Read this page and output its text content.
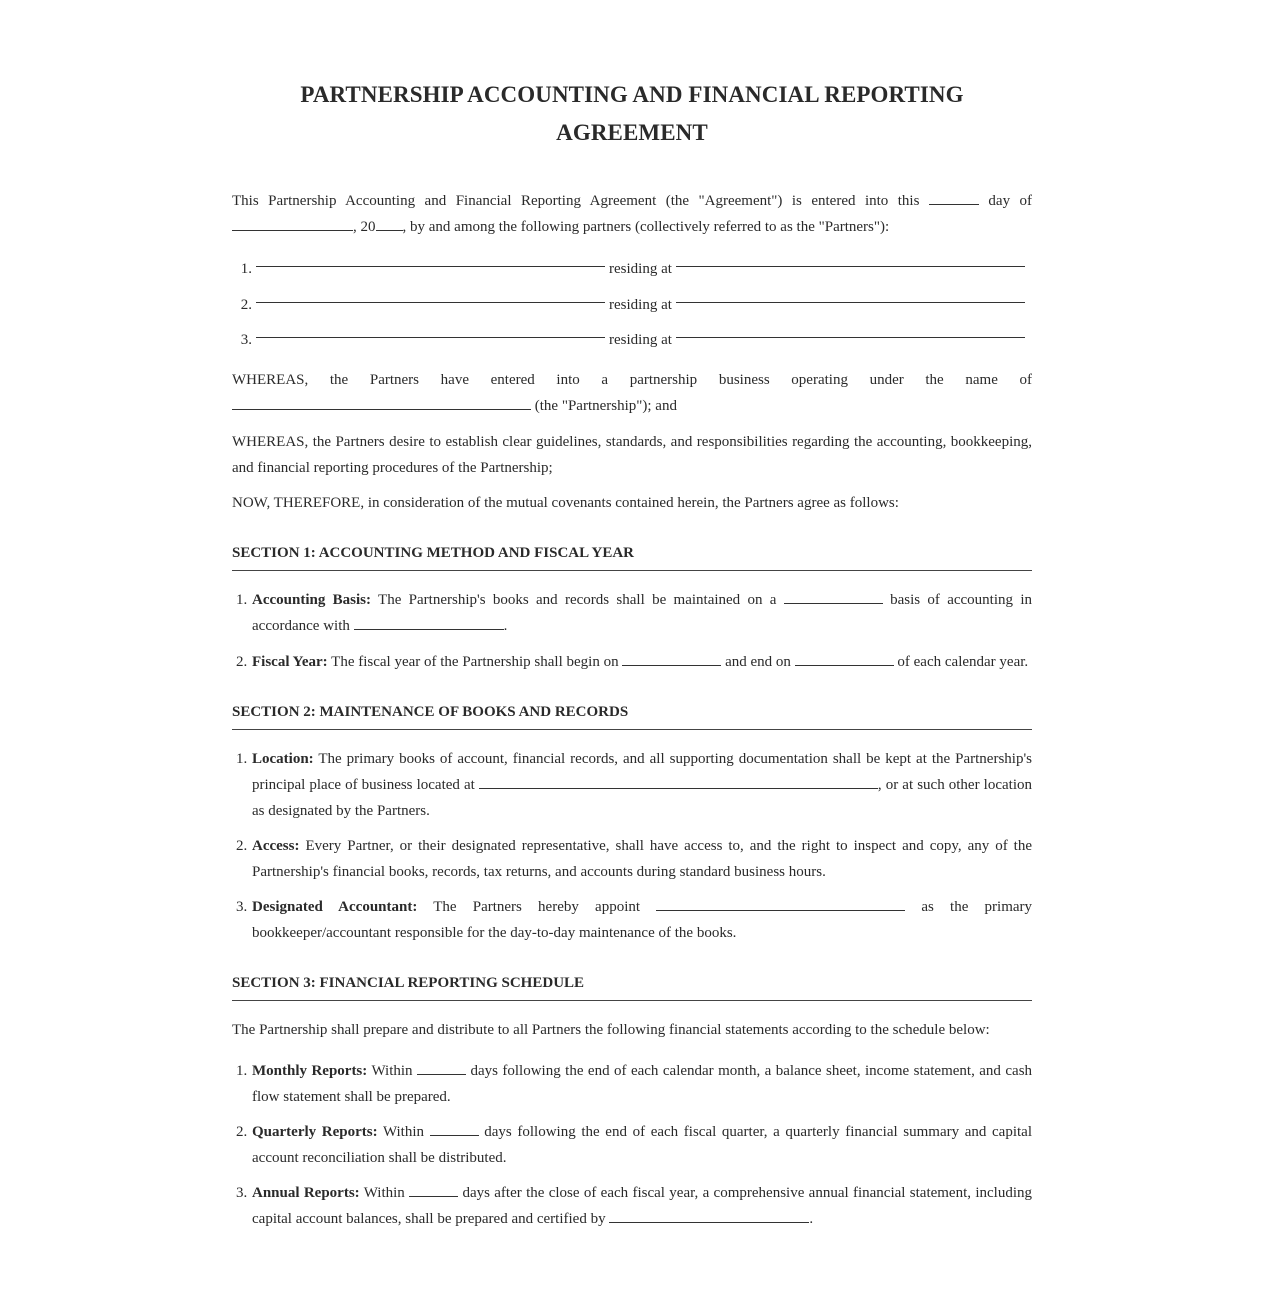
PARTNERSHIP ACCOUNTING AND FINANCIAL REPORTING
AGREEMENT

This Partnership Accounting and Financial Reporting Agreement (the "Agreement") is entered into this	day of , 20 , by and among the following partners (collectively referred to as the "Partners"):

1.	residing at
2.	residing at
3.	residing at

WHEREAS, the Partners have entered into a partnership business operating under the name of  (the "Partnership"); and

WHEREAS, the Partners desire to establish clear guidelines, standards, and responsibilities regarding the accounting, bookkeeping, and financial reporting procedures of the Partnership;

NOW, THEREFORE, in consideration of the mutual covenants contained herein, the Partners agree as follows:

SECTION 1: ACCOUNTING METHOD AND FISCAL YEAR
1. Accounting Basis: The Partnership's books and records shall be maintained on a	basis of accounting in accordance with	.
2. Fiscal Year: The fiscal year of the Partnership shall begin on	and end on	of each calendar year.
SECTION 2: MAINTENANCE OF BOOKS AND RECORDS
1. Location: The primary books of account, financial records, and all supporting documentation shall be kept at the Partnership's principal place of business located at	, or at such other location as designated by the Partners.
2. Access: Every Partner, or their designated representative, shall have access to, and the right to inspect and copy, any of the Partnership's financial books, records, tax returns, and accounts during standard business hours.
3. Designated Accountant: The Partners hereby appoint	as the primary bookkeeper/accountant responsible for the day-to-day maintenance of the books.
SECTION 3: FINANCIAL REPORTING SCHEDULE

The Partnership shall prepare and distribute to all Partners the following financial statements according to the schedule below:

1. Monthly Reports: Within	days following the end of each calendar month, a balance sheet, income statement, and cash flow statement shall be prepared.
2. Quarterly Reports: Within	days following the end of each fiscal quarter, a quarterly financial summary and capital account reconciliation shall be distributed.
3. Annual Reports: Within	days after the close of each fiscal year, a comprehensive annual financial statement, including capital account balances, shall be prepared and certified by	.
